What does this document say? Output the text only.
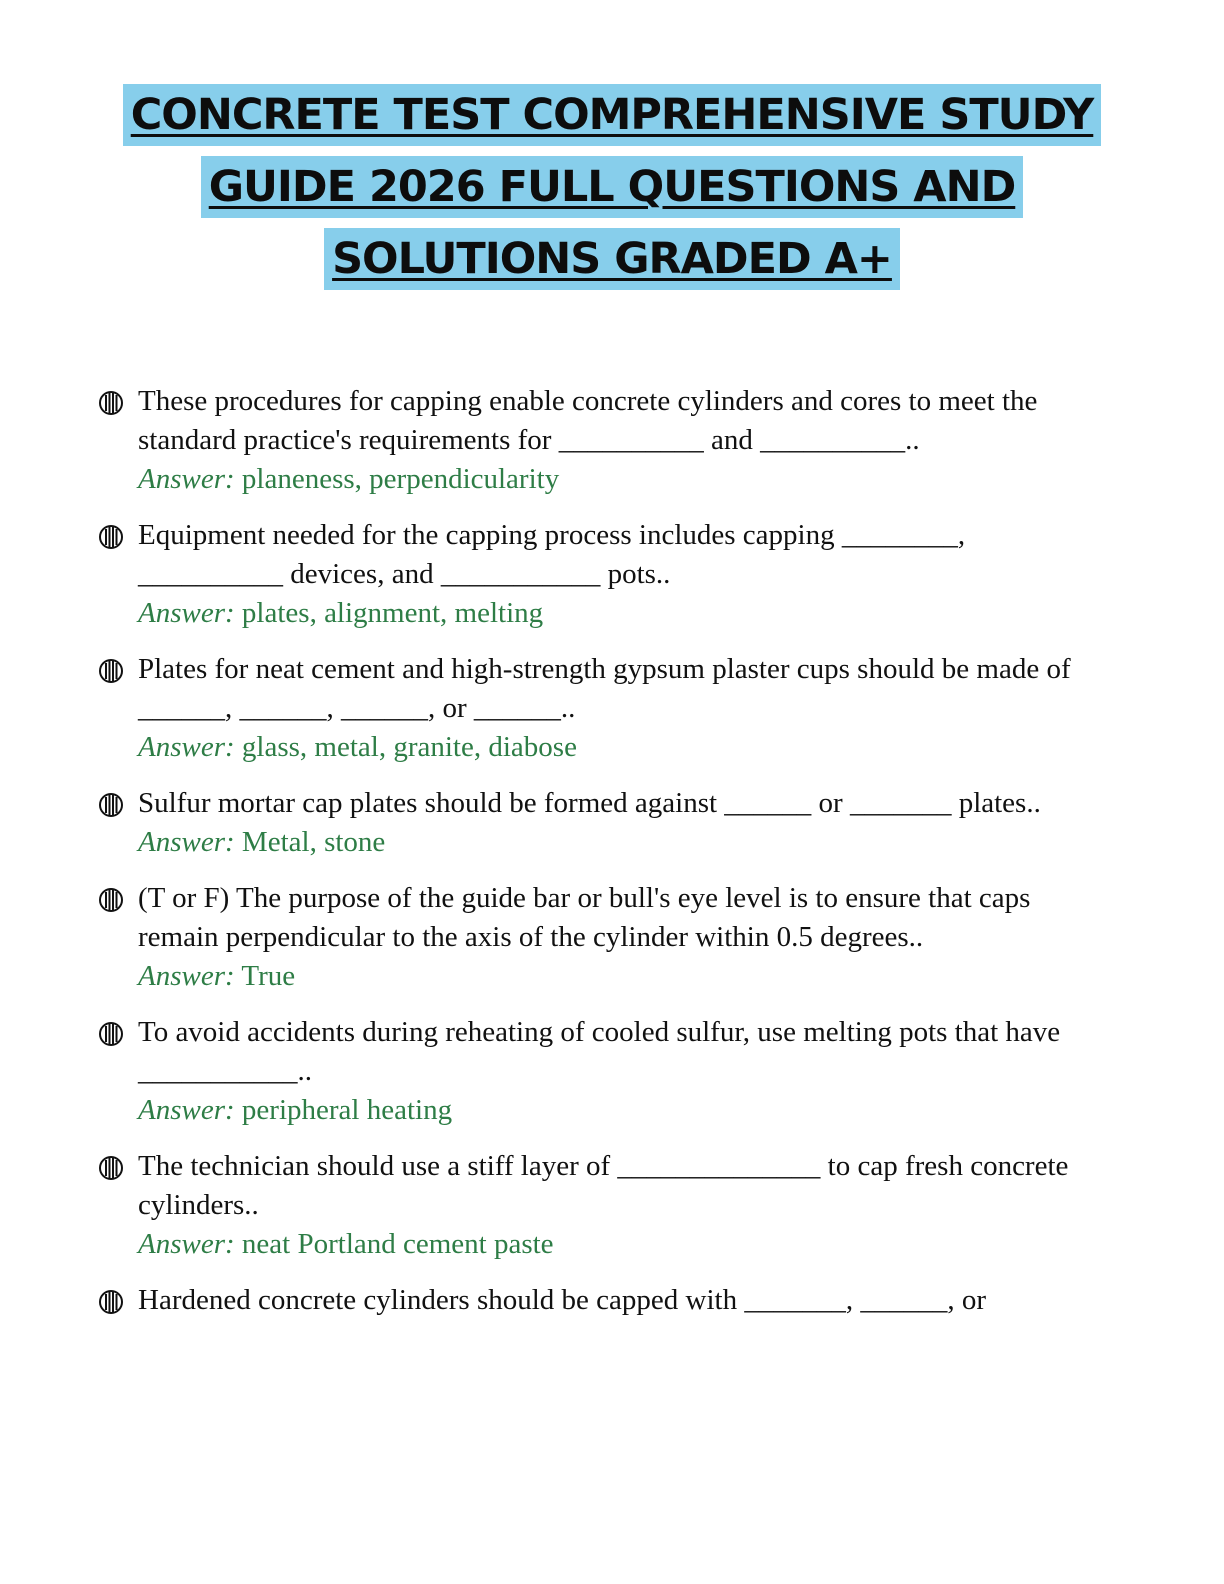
CONCRETE TEST COMPREHENSIVE STUDY
GUIDE 2026 FULL QUESTIONS AND
SOLUTIONS GRADED A+
These procedures for capping enable concrete cylinders and cores to meet the standard practice's requirements for __________ and __________..
Answer: planeness, perpendicularity
Equipment needed for the capping process includes capping ________, __________ devices, and ___________ pots..
Answer: plates, alignment, melting
Plates for neat cement and high-strength gypsum plaster cups should be made of ______, ______, ______, or ______..
Answer: glass, metal, granite, diabose
Sulfur mortar cap plates should be formed against ______ or _______ plates..
Answer: Metal, stone
(T or F) The purpose of the guide bar or bull's eye level is to ensure that caps remain perpendicular to the axis of the cylinder within 0.5 degrees..
Answer: True
To avoid accidents during reheating of cooled sulfur, use melting pots that have ___________..
Answer: peripheral heating
The technician should use a stiff layer of ______________ to cap fresh concrete cylinders..
Answer: neat Portland cement paste
Hardened concrete cylinders should be capped with _______, ______, or
